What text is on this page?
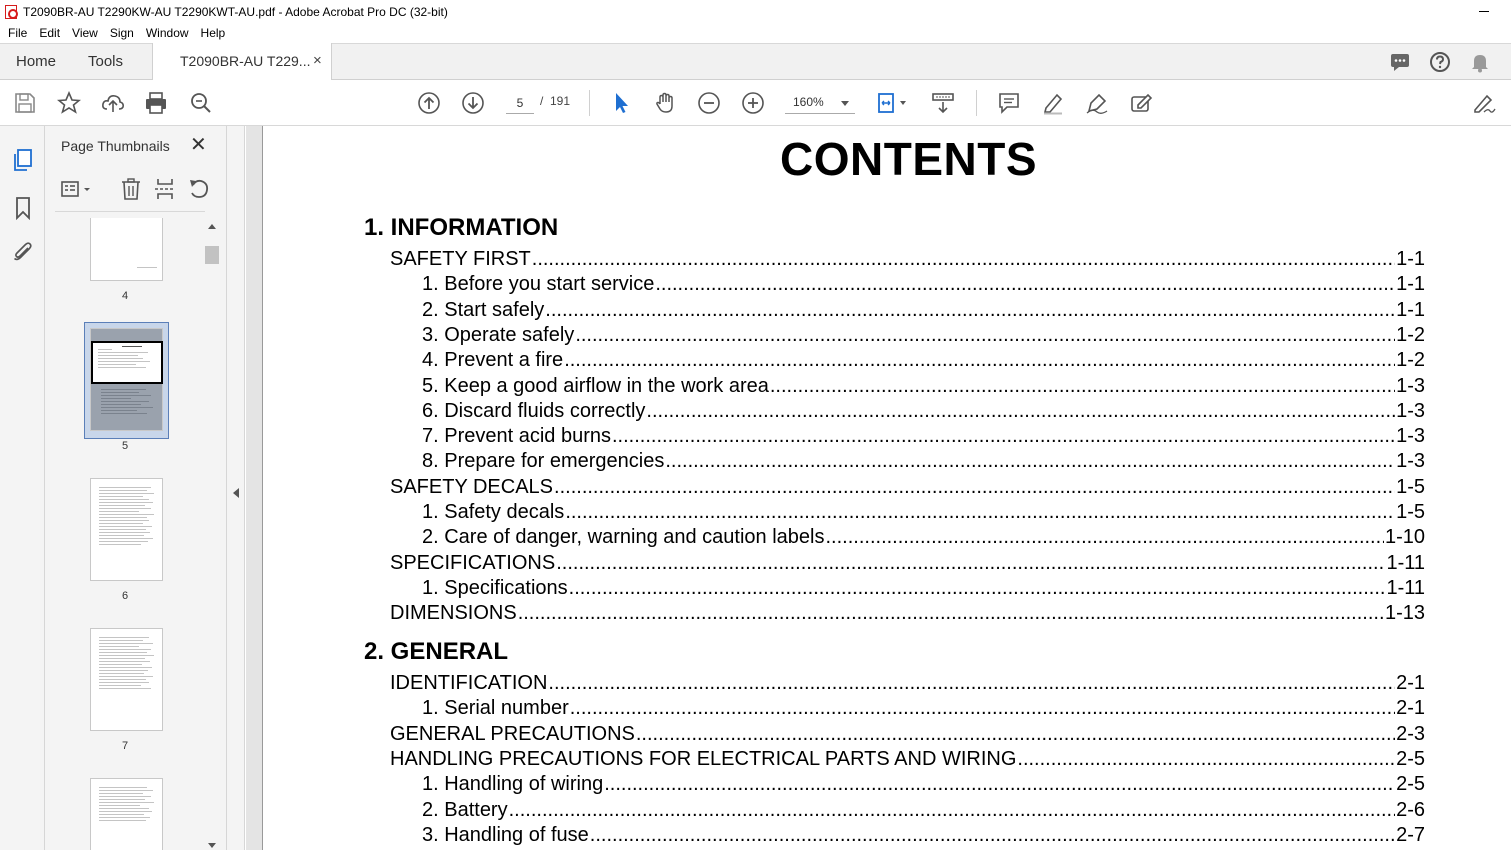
T2090BR-AU T2290KW-AU T2290KWT-AU.pdf - Adobe Acrobat Pro DC (32-bit)
File	Edit	View	Sign	Window	Help
Home Tools	T2090BR-AU T229... ×
5
/ 191	160%
Page Thumbnails ✕
4
5
6
7
CONTENTS
1. INFORMATION
SAFETY FIRST .....	1-1
1. Before you start service .....	1-1
2. Start safely .....	1-1
3. Operate safely .....	1-2
4. Prevent a fire .....	1-2
5. Keep a good airflow in the work area .....	1-3
6. Discard fluids correctly .....	1-3
7. Prevent acid burns .....	1-3
8. Prepare for emergencies .....	1-3
SAFETY DECALS .....	1-5
1. Safety decals .....	1-5
2. Care of danger, warning and caution labels .....	1-10
SPECIFICATIONS .....	1-11
1. Specifications .....	1-11
DIMENSIONS .....	1-13
2. GENERAL
IDENTIFICATION .....	2-1
1. Serial number .....	2-1
GENERAL PRECAUTIONS .....	2-3
HANDLING PRECAUTIONS FOR ELECTRICAL PARTS AND WIRING .....	2-5
1. Handling of wiring .....	2-5
2. Battery .....	2-6
3. Handling of fuse .....	2-7
